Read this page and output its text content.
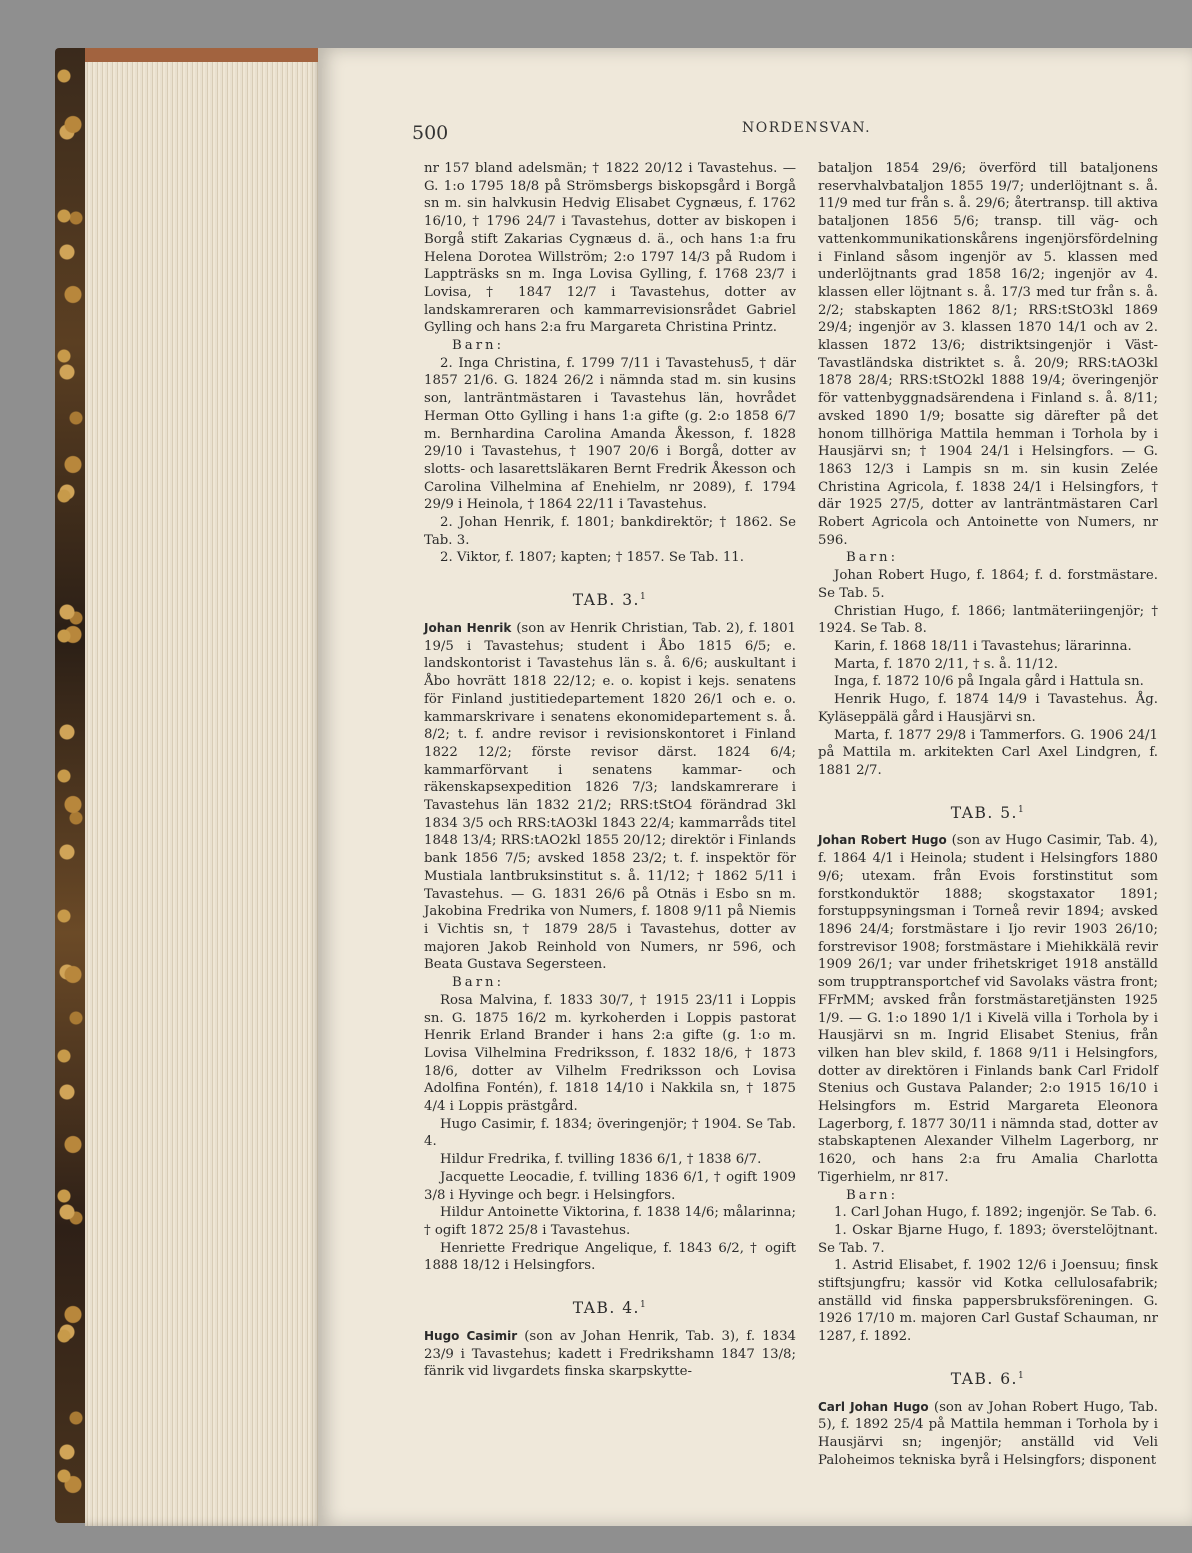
500	NORDENSVAN.

nr 157 bland adelsmän; † 1822 20/12 i Tavastehus. — G. 1:o 1795 18/8 på Strömsbergs biskopsgård i Borgå sn m. sin halvkusin Hedvig Elisabet Cygnæus, f. 1762 16/10, † 1796 24/7 i Tavastehus, dotter av biskopen i Borgå stift Zakarias Cygnæus d. ä., och hans 1:a fru Helena Dorotea Willström; 2:o 1797 14/3 på Rudom i Lappträsks sn m. Inga Lovisa Gylling, f. 1768 23/7 i Lovisa, † 1847 12/7 i Tavastehus, dotter av landskamreraren och kammarrevisionsrådet Gabriel Gylling och hans 2:a fru Margareta Christina Printz.

Barn:

2. Inga Christina, f. 1799 7/11 i Tavastehus5, † där 1857 21/6. G. 1824 26/2 i nämnda stad m. sin kusins son, lanträntmästaren i Tavastehus län, hovrådet Herman Otto Gylling i hans 1:a gifte (g. 2:o 1858 6/7 m. Bernhardina Carolina Amanda Åkesson, f. 1828 29/10 i Tavastehus, † 1907 20/6 i Borgå, dotter av slotts- och lasarettsläkaren Bernt Fredrik Åkesson och Carolina Vilhelmina af Enehielm, nr 2089), f. 1794 29/9 i Heinola, † 1864 22/11 i Tavastehus.

2. Johan Henrik, f. 1801; bankdirektör; † 1862. Se Tab. 3.

2. Viktor, f. 1807; kapten; † 1857. Se Tab. 11.

TAB. 3.$^1$

Johan Henrik (son av Henrik Christian, Tab. 2), f. 1801 19/5 i Tavastehus; student i Åbo 1815 6/5; e. landskontorist i Tavastehus län s. å. 6/6; auskultant i Åbo hovrätt 1818 22/12; e. o. kopist i kejs. senatens för Finland justitiedepartement 1820 26/1 och e. o. kammarskrivare i senatens ekonomidepartement s. å. 8/2; t. f. andre revisor i revisionskontoret i Finland 1822 12/2; förste revisor därst. 1824 6/4; kammarförvant i senatens kammar- och räkenskapsexpedition 1826 7/3; landskamrerare i Tavastehus län 1832 21/2; RRS:tStO4 förändrad 3kl 1834 3/5 och RRS:tAO3kl 1843 22/4; kammarråds titel 1848 13/4; RRS:tAO2kl 1855 20/12; direktör i Finlands bank 1856 7/5; avsked 1858 23/2; t. f. inspektör för Mustiala lantbruksinstitut s. å. 11/12; † 1862 5/11 i Tavastehus. — G. 1831 26/6 på Otnäs i Esbo sn m. Jakobina Fredrika von Numers, f. 1808 9/11 på Niemis i Vichtis sn, † 1879 28/5 i Tavastehus, dotter av majoren Jakob Reinhold von Numers, nr 596, och Beata Gustava Segersteen.

Barn:

Rosa Malvina, f. 1833 30/7, † 1915 23/11 i Loppis sn. G. 1875 16/2 m. kyrkoherden i Loppis pastorat Henrik Erland Brander i hans 2:a gifte (g. 1:o m. Lovisa Vilhelmina Fredriksson, f. 1832 18/6, † 1873 18/6, dotter av Vilhelm Fredriksson och Lovisa Adolfina Fontén), f. 1818 14/10 i Nakkila sn, † 1875 4/4 i Loppis prästgård.

Hugo Casimir, f. 1834; överingenjör; † 1904. Se Tab. 4.

Hildur Fredrika, f. tvilling 1836 6/1, † 1838 6/7.

Jacquette Leocadie, f. tvilling 1836 6/1, † ogift 1909 3/8 i Hyvinge och begr. i Helsingfors.

Hildur Antoinette Viktorina, f. 1838 14/6; målarinna; † ogift 1872 25/8 i Tavastehus.

Henriette Fredrique Angelique, f. 1843 6/2, † ogift 1888 18/12 i Helsingfors.

TAB. 4.$^1$

Hugo Casimir (son av Johan Henrik, Tab. 3), f. 1834 23/9 i Tavastehus; kadett i Fredrikshamn 1847 13/8; fänrik vid livgardets finska skarpskytte-

bataljon 1854 29/6; överförd till bataljonens reservhalvbataljon 1855 19/7; underlöjtnant s. å. 11/9 med tur från s. å. 29/6; återtransp. till aktiva bataljonen 1856 5/6; transp. till väg- och vattenkommunikationskårens ingenjörsfördelning i Finland såsom ingenjör av 5. klassen med underlöjtnants grad 1858 16/2; ingenjör av 4. klassen eller löjtnant s. å. 17/3 med tur från s. å. 2/2; stabskapten 1862 8/1; RRS:tStO3kl 1869 29/4; ingenjör av 3. klassen 1870 14/1 och av 2. klassen 1872 13/6; distriktsingenjör i Väst-Tavastländska distriktet s. å. 20/9; RRS:tAO3kl 1878 28/4; RRS:tStO2kl 1888 19/4; överingenjör för vattenbyggnadsärendena i Finland s. å. 8/11; avsked 1890 1/9; bosatte sig därefter på det honom tillhöriga Mattila hemman i Torhola by i Hausjärvi sn; † 1904 24/1 i Helsingfors. — G. 1863 12/3 i Lampis sn m. sin kusin Zelée Christina Agricola, f. 1838 24/1 i Helsingfors, † där 1925 27/5, dotter av lanträntmästaren Carl Robert Agricola och Antoinette von Numers, nr 596.

Barn:

Johan Robert Hugo, f. 1864; f. d. forstmästare. Se Tab. 5.

Christian Hugo, f. 1866; lantmäteriingenjör; † 1924. Se Tab. 8.

Karin, f. 1868 18/11 i Tavastehus; lärarinna.

Marta, f. 1870 2/11, † s. å. 11/12.

Inga, f. 1872 10/6 på Ingala gård i Hattula sn.

Henrik Hugo, f. 1874 14/9 i Tavastehus. Åg. Kyläseppälä gård i Hausjärvi sn.

Marta, f. 1877 29/8 i Tammerfors. G. 1906 24/1 på Mattila m. arkitekten Carl Axel Lindgren, f. 1881 2/7.

TAB. 5.$^1$

Johan Robert Hugo (son av Hugo Casimir, Tab. 4), f. 1864 4/1 i Heinola; student i Helsingfors 1880 9/6; utexam. från Evois forstinstitut som forstkonduktör 1888; skogstaxator 1891; forstuppsyningsman i Torneå revir 1894; avsked 1896 24/4; forstmästare i Ijo revir 1903 26/10; forstrevisor 1908; forstmästare i Miehikkälä revir 1909 26/1; var under frihetskriget 1918 anställd som trupptransportchef vid Savolaks västra front; FFrMM; avsked från forstmästaretjänsten 1925 1/9. — G. 1:o 1890 1/1 i Kivelä villa i Torhola by i Hausjärvi sn m. Ingrid Elisabet Stenius, från vilken han blev skild, f. 1868 9/11 i Helsingfors, dotter av direktören i Finlands bank Carl Fridolf Stenius och Gustava Palander; 2:o 1915 16/10 i Helsingfors m. Estrid Margareta Eleonora Lagerborg, f. 1877 30/11 i nämnda stad, dotter av stabskaptenen Alexander Vilhelm Lagerborg, nr 1620, och hans 2:a fru Amalia Charlotta Tigerhielm, nr 817.

Barn:

1. Carl Johan Hugo, f. 1892; ingenjör. Se Tab. 6.

1. Oskar Bjarne Hugo, f. 1893; överstelöjtnant. Se Tab. 7.

1. Astrid Elisabet, f. 1902 12/6 i Joensuu; finsk stiftsjungfru; kassör vid Kotka cellulosafabrik; anställd vid finska pappersbruksföreningen. G. 1926 17/10 m. majoren Carl Gustaf Schauman, nr 1287, f. 1892.

TAB. 6.$^1$

Carl Johan Hugo (son av Johan Robert Hugo, Tab. 5), f. 1892 25/4 på Mattila hemman i Torhola by i Hausjärvi sn; ingenjör; anställd vid Veli Paloheimos tekniska byrå i Helsingfors; disponent
